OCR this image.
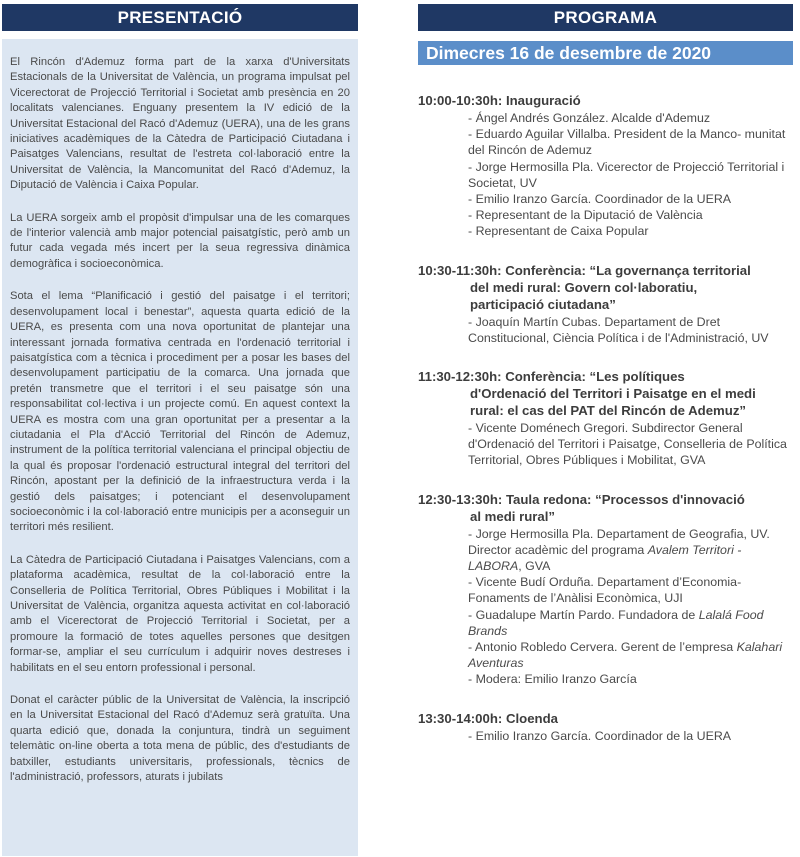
PRESENTACIÓ

El Rincón d'Ademuz forma part de la xarxa d'Universitats Estacionals de la Universitat de València, un programa impulsat pel Vicerectorat de Projecció Territorial i Societat amb presència en 20 localitats valencianes. Enguany presentem la IV edició de la Universitat Estacional del Racó d'Ademuz (UERA), una de les grans iniciatives acadèmiques de la Càtedra de Participació Ciutadana i Paisatges Valencians, resultat de l'estreta col·laboració entre la Universitat de València, la Mancomunitat del Racó d'Ademuz, la Diputació de València i Caixa Popular.

La UERA sorgeix amb el propòsit d'impulsar una de les comarques de l'interior valencià amb major potencial paisatgístic, però amb un futur cada vegada més incert per la seua regressiva dinàmica demogràfica i socioeconòmica.

Sota el lema “Planificació i gestió del paisatge i el territori; desenvolupament local i benestar”, aquesta quarta edició de la UERA, es presenta com una nova oportunitat de plantejar una interessant jornada formativa centrada en l'ordenació territorial i paisatgística com a tècnica i procediment per a posar les bases del desenvolupament participatiu de la comarca. Una jornada que pretén transmetre que el territori i el seu paisatge són una responsabilitat col·lectiva i un projecte comú. En aquest context la UERA es mostra com una gran oportunitat per a presentar a la ciutadania el Pla d'Acció Territorial del Rincón de Ademuz, instrument de la política territorial valenciana el principal objectiu de la qual és proposar l'ordenació estructural integral del territori del Rincón, apostant per la definició de la infraestructura verda i la gestió dels paisatges; i potenciant el desenvolupament socioeconòmic i la col·laboració entre municipis per a aconseguir un territori més resilient.

La Càtedra de Participació Ciutadana i Paisatges Valencians, com a plataforma acadèmica, resultat de la col·laboració entre la Conselleria de Política Territorial, Obres Públiques i Mobilitat i la Universitat de València, organitza aquesta activitat en col·laboració amb el Vicerectorat de Projecció Territorial i Societat, per a promoure la formació de totes aquelles persones que desitgen formar-se, ampliar el seu currículum i adquirir noves destreses i habilitats en el seu entorn professional i personal.

Donat el caràcter públic de la Universitat de València, la inscripció en la Universitat Estacional del Racó d'Ademuz serà gratuïta. Una quarta edició que, donada la conjuntura, tindrà un seguiment telemàtic on-line oberta a tota mena de públic, des d'estudiants de batxiller, estudiants universitaris, professionals, tècnics de l'administració, professors, aturats i jubilats

PROGRAMA
Dimecres 16 de desembre de 2020
10:00-10:30h: Inauguració
- Ángel Andrés González. Alcalde d'Ademuz
- Eduardo Aguilar Villalba. President de la Manco- munitat del Rincón de Ademuz
- Jorge Hermosilla Pla. Vicerector de Projecció Territorial i Societat, UV
- Emilio Iranzo García. Coordinador de la UERA
- Representant de la Diputació de València
- Representant de Caixa Popular
10:30-11:30h: Conferència: “La governança territorial
del medi rural: Govern col·laboratiu,
participació ciutadana”
- Joaquín Martín Cubas. Departament de Dret Constitucional, Ciència Política i de l'Administració, UV
11:30-12:30h: Conferència: “Les polítiques
d'Ordenació del Territori i Paisatge en el medi
rural: el cas del PAT del Rincón de Ademuz”
- Vicente Doménech Gregori. Subdirector General d'Ordenació del Territori i Paisatge, Conselleria de Política Territorial, Obres Públiques i Mobilitat, GVA
12:30-13:30h: Taula redona: “Processos d'innovació
al medi rural”
- Jorge Hermosilla Pla. Departament de Geografia, UV. Director acadèmic del programa Avalem Territori - LABORA, GVA
- Vicente Budí Orduña. Departament d’Economia- Fonaments de l’Anàlisi Econòmica, UJI
- Guadalupe Martín Pardo. Fundadora de Lalalá Food Brands
- Antonio Robledo Cervera. Gerent de l’empresa Kalahari Aventuras
- Modera: Emilio Iranzo García
13:30-14:00h: Cloenda
- Emilio Iranzo García. Coordinador de la UERA
